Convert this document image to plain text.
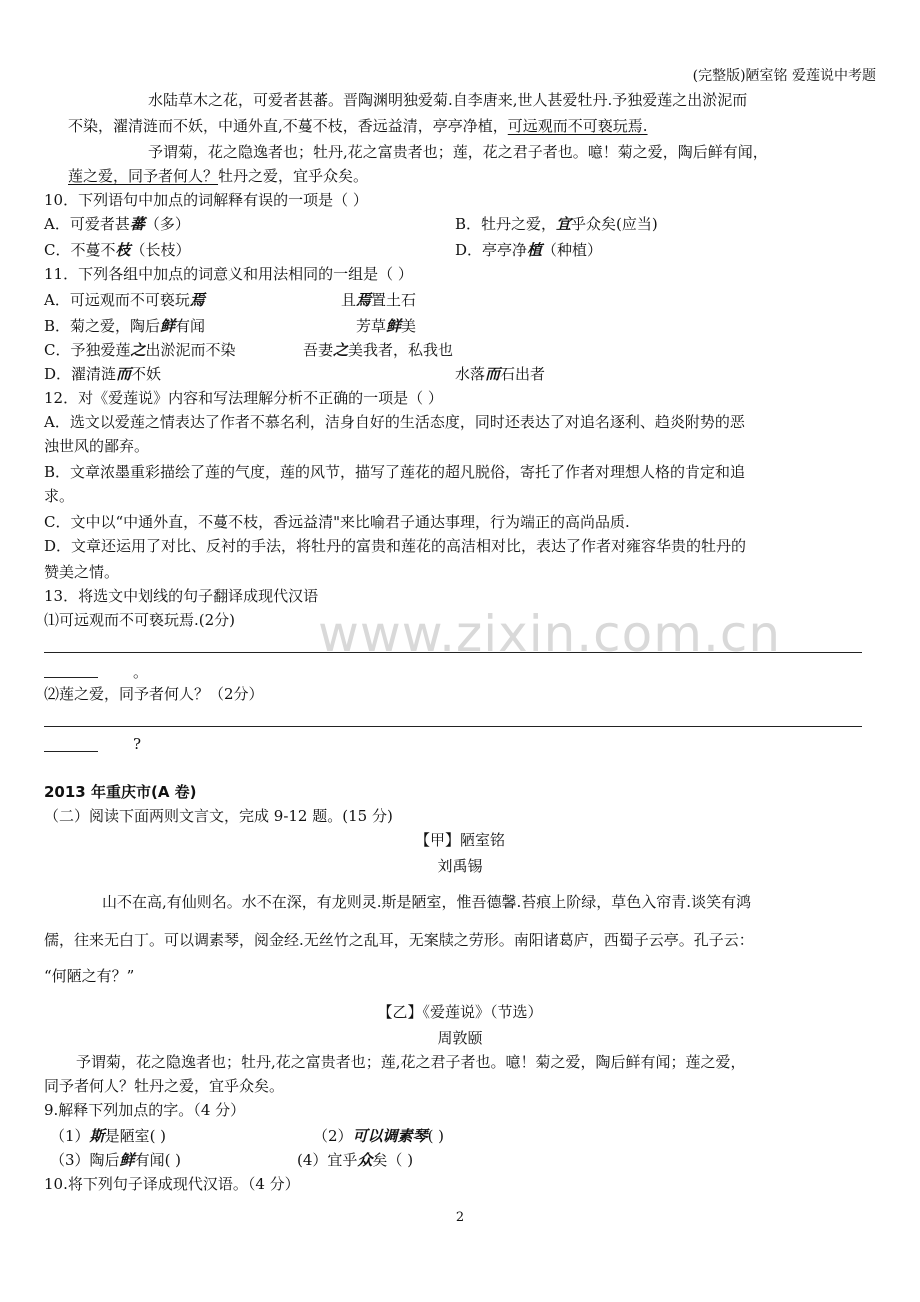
(完整版)陋室铭 爱莲说中考题
水陆草木之花，可爱者甚蕃。晋陶渊明独爱菊.自李唐来,世人甚爱牡丹.予独爱莲之出淤泥而
不染，濯清涟而不妖，中通外直,不蔓不枝，香远益清，亭亭净植，可远观而不可亵玩焉.
予谓菊，花之隐逸者也；牡丹,花之富贵者也；莲，花之君子者也。噫！菊之爱，陶后鲜有闻，
莲之爱，同予者何人？牡丹之爱，宜乎众矣。
10．下列语句中加点的词解释有误的一项是（ ）
A．可爱者甚蕃（多）	B．牡丹之爱，宜乎众矣(应当)
C．不蔓不枝（长枝）	D．亭亭净植（种植）
11．下列各组中加点的词意义和用法相同的一组是（ ）
A．可远观而不可亵玩焉	且焉置土石
B．菊之爱，陶后鲜有闻	芳草鲜美
C．予独爱莲之出淤泥而不染	吾妻之美我者，私我也
D．濯清涟而不妖	水落而石出者
12．对《爱莲说》内容和写法理解分析不正确的一项是（ ）
A．选文以爱莲之情表达了作者不慕名利，洁身自好的生活态度，同时还表达了对追名逐利、趋炎附势的恶
浊世风的鄙弃。
B．文章浓墨重彩描绘了莲的气度，莲的风节，描写了莲花的超凡脱俗，寄托了作者对理想人格的肯定和追
求。
C．文中以“中通外直，不蔓不枝，香远益清"来比喻君子通达事理，行为端正的高尚品质.
D．文章还运用了对比、反衬的手法，将牡丹的富贵和莲花的高洁相对比，表达了作者对雍容华贵的牡丹的
赞美之情。
13．将选文中划线的句子翻译成现代汉语
⑴可远观而不可亵玩焉.(2分) www.zixin.com.cn
。
⑵莲之爱，同予者何人？（2分）
?
2013 年重庆市(A 卷)
（二）阅读下面两则文言文，完成 9-12 题。(15 分)
【甲】陋室铭
刘禹锡
山不在高,有仙则名。水不在深，有龙则灵.斯是陋室，惟吾德馨.苔痕上阶绿，草色入帘青.谈笑有鸿
儒，往来无白丁。可以调素琴，阅金经.无丝竹之乱耳，无案牍之劳形。南阳诸葛庐，西蜀子云亭。孔子云：
“何陋之有？”
【乙】《爱莲说》（节选）
周敦颐
予谓菊，花之隐逸者也；牡丹,花之富贵者也；莲,花之君子者也。噫！菊之爱，陶后鲜有闻；莲之爱，
同予者何人？牡丹之爱，宜乎众矣。
9.解释下列加点的字。（4 分）
（1）斯是陋室( )	（2）可以调素琴( )
（3）陶后鲜有闻( )	(4）宜乎众矣（ )
10.将下列句子译成现代汉语。（4 分）
2
